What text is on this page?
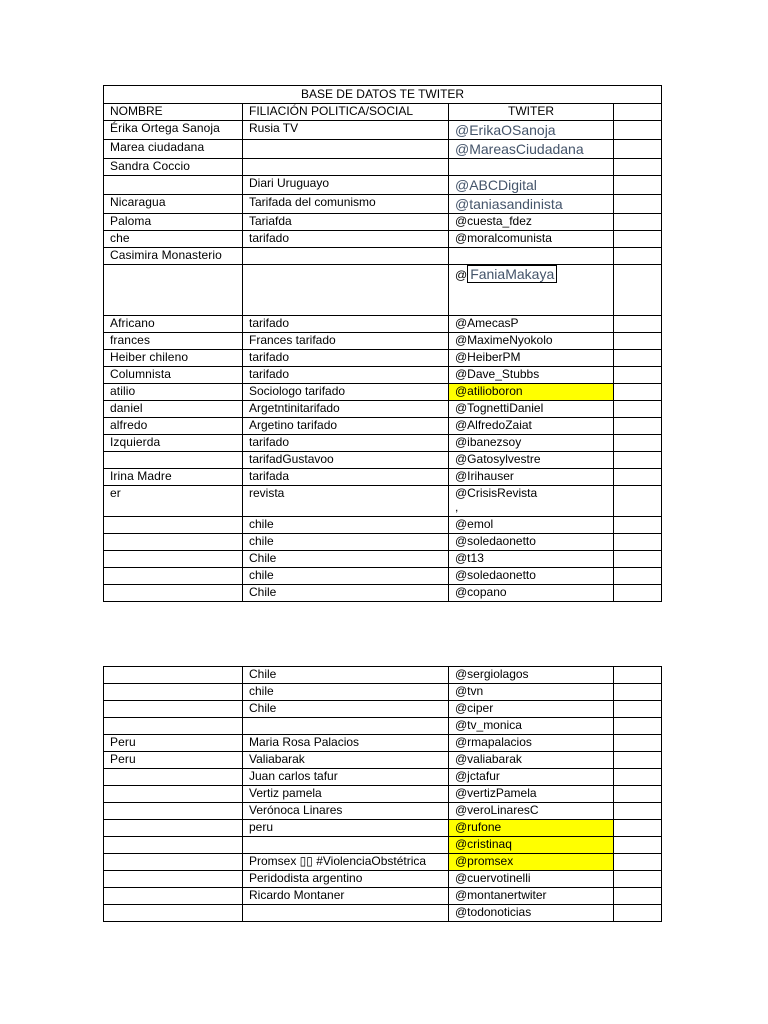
BASE DE DATOS TE TWITER			
NOMBRE	FILIACIÓN POLITICA/SOCIAL	TWITER	
Érika Ortega Sanoja	Rusia TV	@ErikaOSanoja	
Marea ciudadana		@MareasCiudadana	
Sandra Coccio			
	Diari Uruguayo	@ABCDigital	
Nicaragua	Tarifada del comunismo	@taniasandinista	
Paloma	Tariafda	@cuesta_fdez	
che	tarifado	@moralcomunista	
Casimira Monasterio			
		@ FaniaMakaya	
Africano	tarifado	@AmecasP	
frances	Frances tarifado	@MaximeNyokolo	
Heiber chileno	tarifado	@HeiberPM	
Columnista	tarifado	@Dave_Stubbs	
atilio	Sociologo tarifado	@atilioboron	
daniel	Argetntinitarifado	@TognettiDaniel	
alfredo	Argetino tarifado	@AlfredoZaiat	
Izquierda	tarifado	@ibanezsoy	
	tarifadGustavoo	@Gatosylvestre	
Irina Madre	tarifada	@Irihauser	
er	revista	@CrisisRevista
,	

	chile	@emol	
	chile	@soledaonetto	
	Chile	@t13	
	chile	@soledaonetto	
	Chile	@copano	
	Chile	@sergiolagos	
	chile	@tvn	
	Chile	@ciper	
		@tv_monica	
Peru	Maria Rosa Palacios	@rmapalacios	
Peru	Valiabarak	@valiabarak	
	Juan carlos tafur	@jctafur	
	Vertiz pamela	@vertizPamela	
	Verónoca Linares	@veroLinaresC	
	peru	@rufone	
		@cristinaq	
	Promsex ▯▯ #ViolenciaObstétrica	@promsex	
	Peridodista argentino	@cuervotinelli	
	Ricardo Montaner	@montanertwiter	
		@todonoticias	
